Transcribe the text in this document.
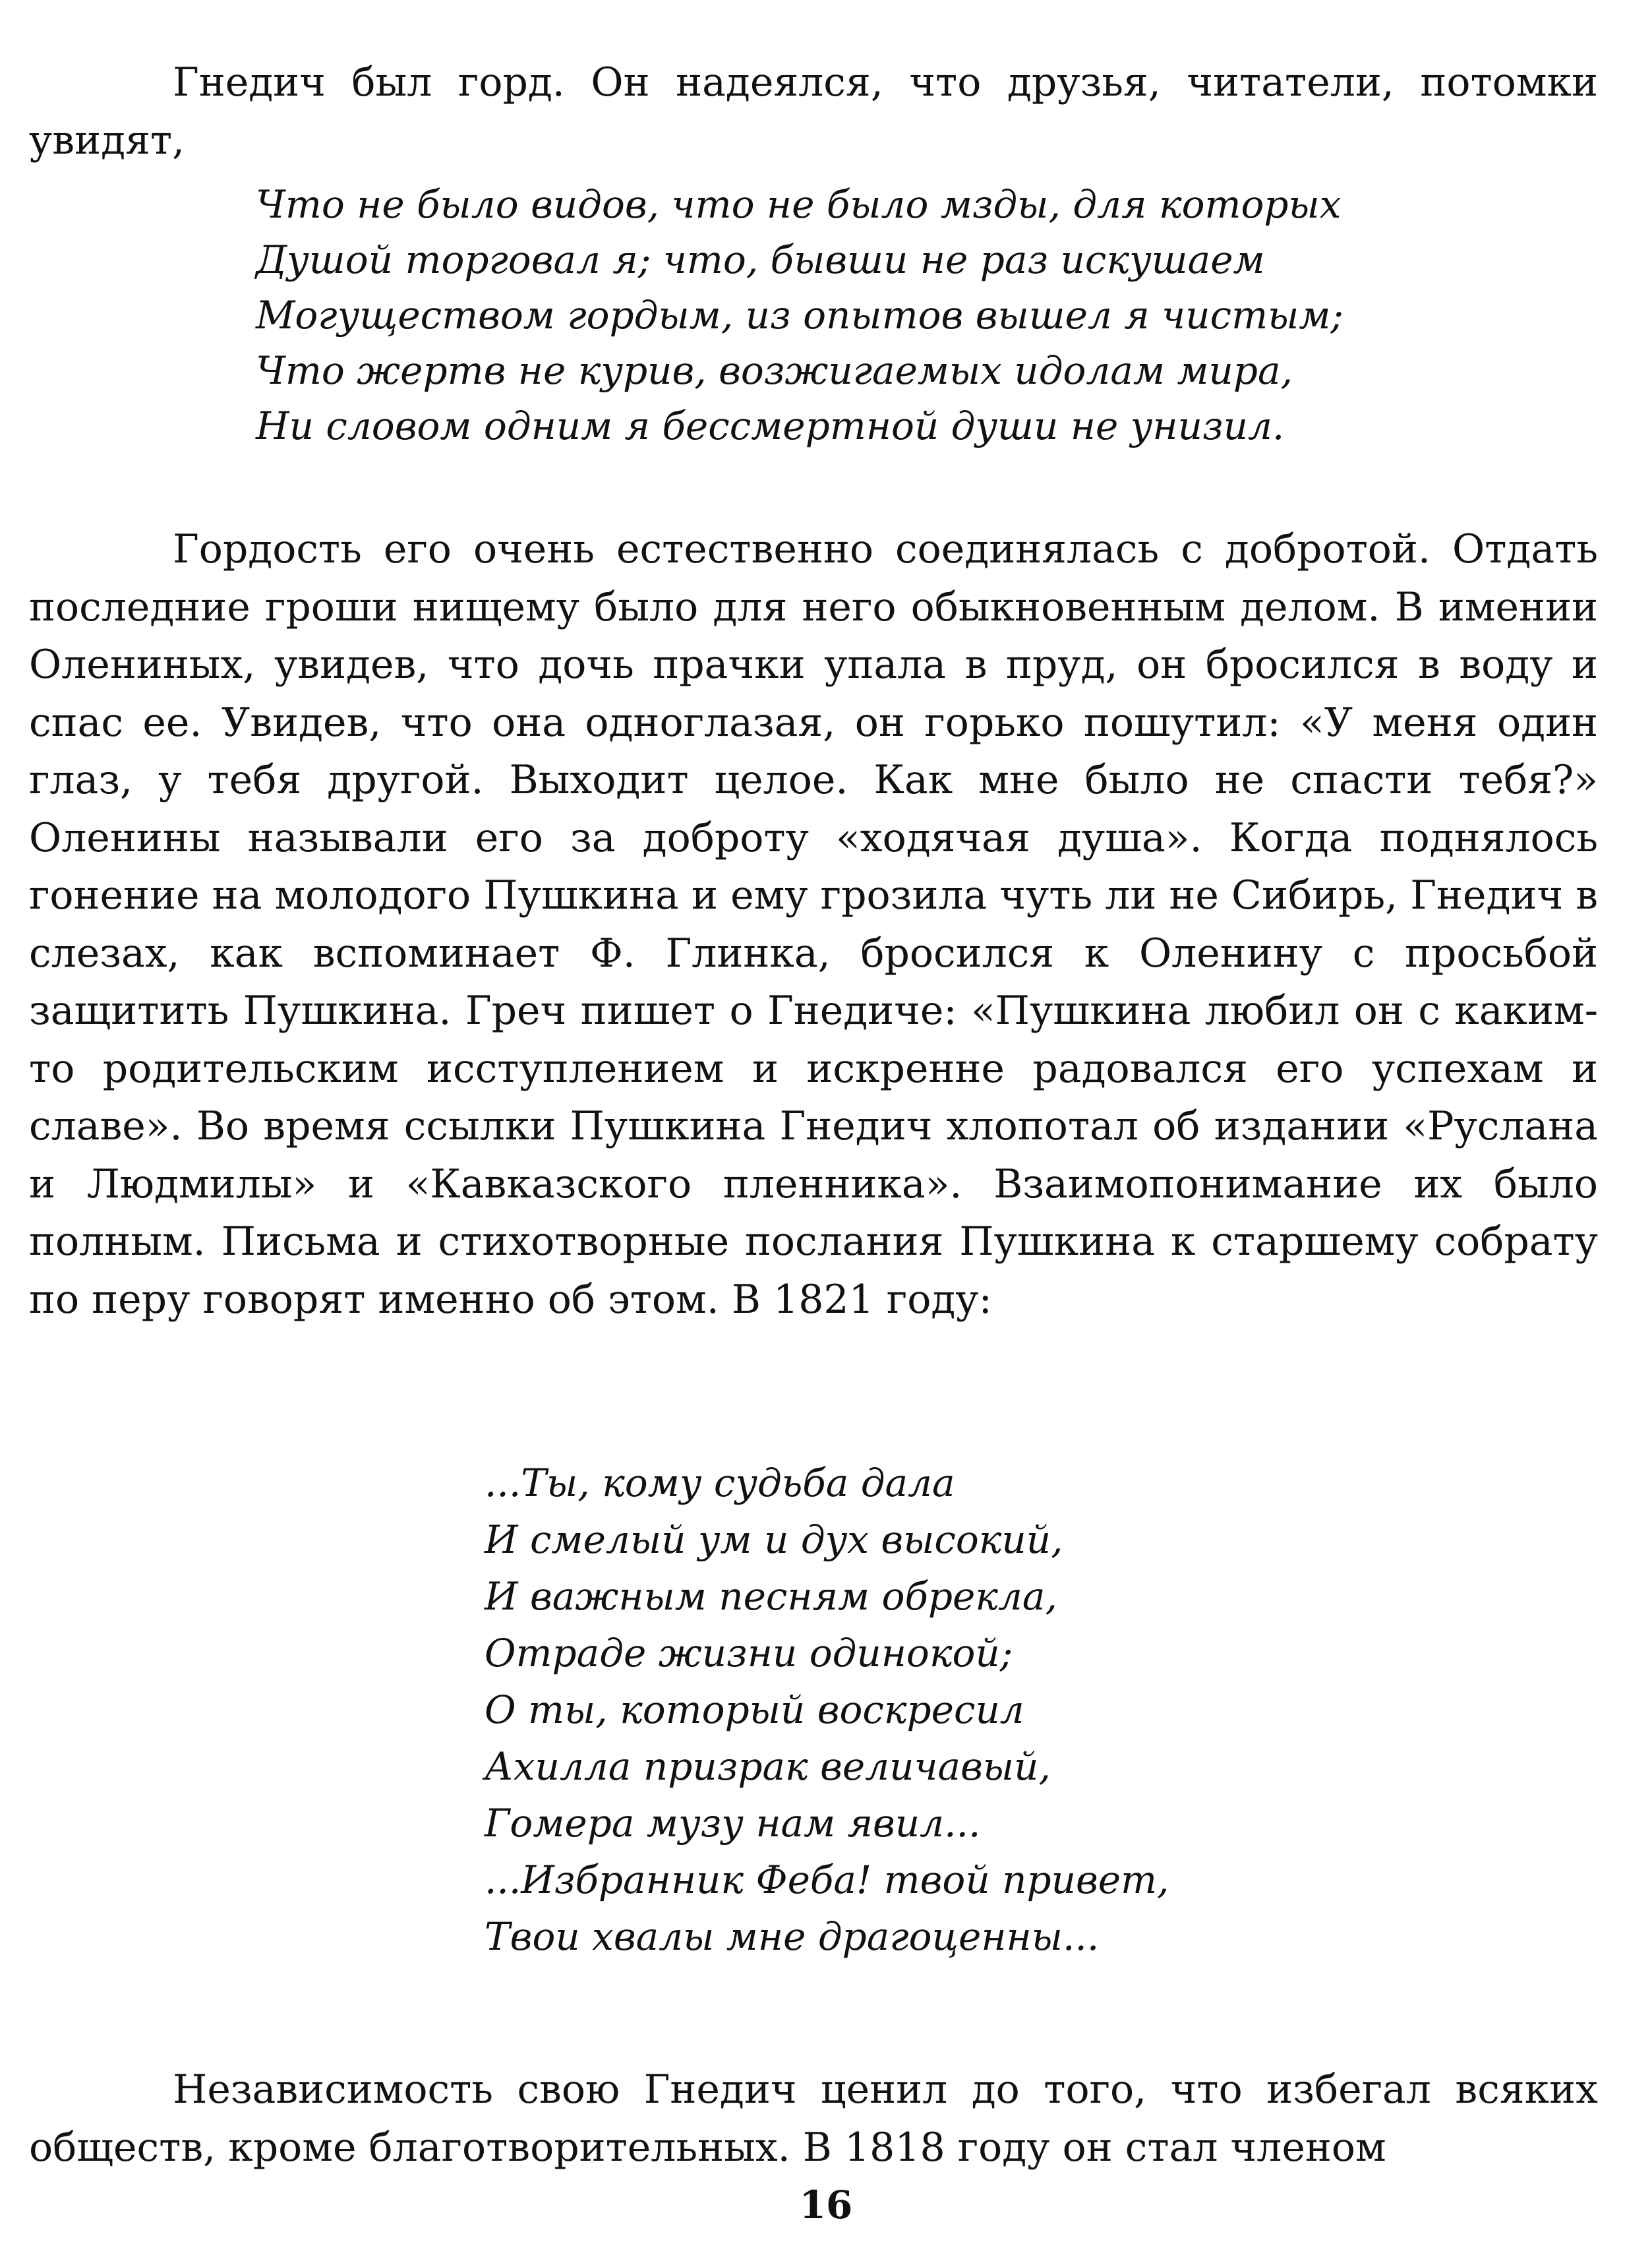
Гнедич был горд. Он надеялся, что друзья, читатели, потомки увидят,

Что не было видов, что не было мзды, для которых
Душой торговал я; что, бывши не раз искушаем
Могуществом гордым, из опытов вышел я чистым;
Что жертв не курив, возжигаемых идолам мира,
Ни словом одним я бессмертной души не унизил.

Гордость его очень естественно соединялась с добротой. Отдать последние гроши нищему было для него обыкновенным делом. В имении Олениных, увидев, что дочь прачки упала в пруд, он бросился в воду и спас ее. Увидев, что она одноглазая, он горько пошутил: «У меня один глаз, у тебя другой. Выходит целое. Как мне было не спасти тебя?» Оленины называли его за доброту «ходячая душа». Когда поднялось гонение на молодого Пушкина и ему грозила чуть ли не Сибирь, Гнедич в слезах, как вспоминает Ф. Глинка, бросился к Оленину с просьбой защитить Пушкина. Греч пишет о Гнедиче: «Пушкина любил он с каким-то родительским исступлением и искренне радовался его успехам и славе». Во время ссылки Пушкина Гнедич хлопотал об издании «Руслана и Людмилы» и «Кавказского пленника». Взаимопонимание их было полным. Письма и стихотворные послания Пушкина к старшему собрату по перу говорят именно об этом. В 1821 году:

...Ты, кому судьба дала
И смелый ум и дух высокий,
И важным песням обрекла,
Отраде жизни одинокой;
О ты, который воскресил
Ахилла призрак величавый,
Гомера музу нам явил...
...Избранник Феба! твой привет,
Твои хвалы мне драгоценны...

Независимость свою Гнедич ценил до того, что избегал всяких обществ, кроме благотворительных. В 1818 году он стал членом

16
